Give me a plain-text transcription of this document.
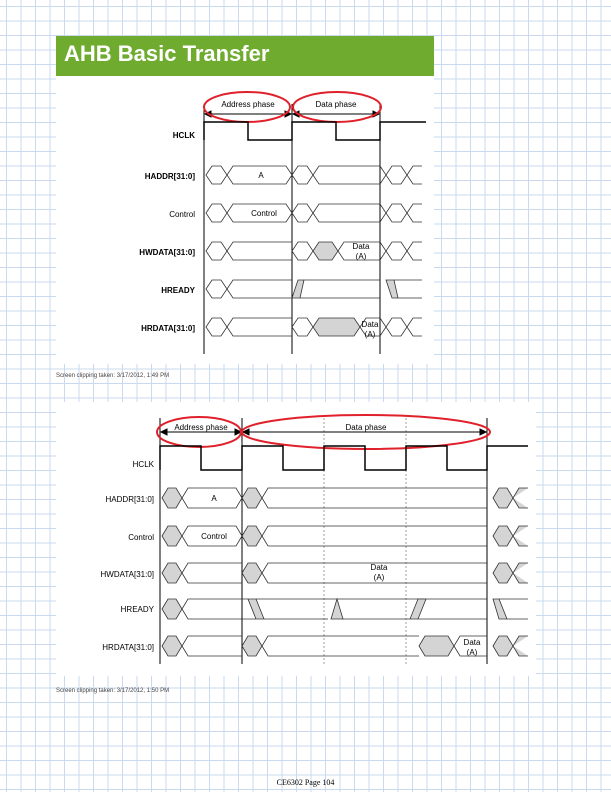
AHB Basic Transfer
Address phase	Data phase
HCLK
HADDR[31:0]
Control
HWDATA[31:0]
HREADY
HRDATA[31:0]
A
Control
Data
(A)
Data
(A)
Screen clipping taken: 3/17/2012, 1:49 PM
Address phase	Data phase
HCLK
HADDR[31:0]
Control
HWDATA[31:0]
HREADY
HRDATA[31:0]
A
Control
Data
(A)
Data
(A)
Screen clipping taken: 3/17/2012, 1:50 PM
CE6302 Page 104
